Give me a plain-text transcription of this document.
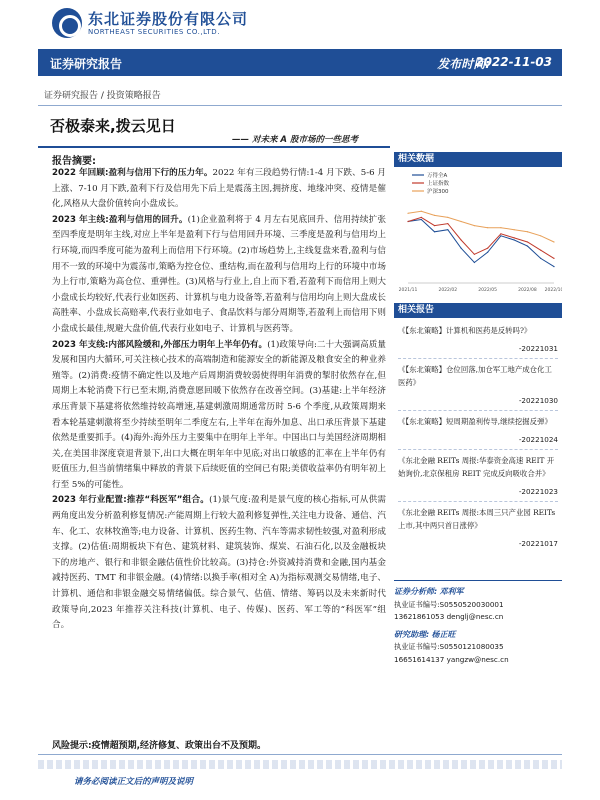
东北证券股份有限公司
NORTHEAST SECURITIES CO.,LTD.
证券研究报告	发布时间:
2022-11-03
证券研究报告 / 投资策略报告
否极泰来,拨云见日
—— 对未来 A 股市场的一些思考
报告摘要:

2022 年回顾:盈利与信用下行的压力年。2022 年有三段趋势行情:1-4 月下跌、5-6 月上涨、7-10 月下跌,盈利下行及信用先下后上是震荡主因,拥挤度、地缘冲突、疫情是催化,风格从大盘价值转向小盘成长。

2023 年主线:盈利与信用的回升。(1)企业盈利将于 4 月左右见底回升、信用持续扩张至四季度是明年主线,对应上半年是盈利下行与信用回升环境、三季度是盈利与信用均上行环境,而四季度可能为盈利上而信用下行环境。(2)市场趋势上,主线复盘来看,盈利与信用不一致的环境中为震荡市,策略为控仓位、重结构,而在盈利与信用均上行的环境中市场为上行市,策略为高仓位、重弹性。(3)风格与行业上,自上而下看,若盈利下而信用上则大小盘成长均较好,代表行业如医药、计算机与电力设备等,若盈利与信用均向上则大盘成长高胜率、小盘成长高赔率,代表行业如电子、食品饮料与部分周期等,若盈利上而信用下则小盘成长最佳,规避大盘价值,代表行业如电子、计算机与医药等。

2023 年支线:内部风险缓和,外部压力明年上半年仍有。(1)政策导向:二十大强调高质量发展和国内大循环,可关注核心技术的高端制造和能源安全的新能源及粮食安全的种业养殖等。(2)消费:疫情不确定性以及地产后周期消费较弱使得明年消费的掣肘依然存在,但周期上本轮消费下行已至末期,消费意愿回暖下依然存在改善空间。(3)基建:上半年经济承压背景下基建将依然维持较高增速,基建刺激周期通常历时 5-6 个季度,从政策周期来看本轮基建刺激将至少持续至明年二季度左右,上半年在海外加息、出口承压背景下基建依然是重要抓手。(4)海外:海外压力主要集中在明年上半年。中国出口与美国经济周期相关,在美国非深度衰退背景下,出口大概在明年年中见底;对出口敏感的汇率在上半年仍有贬值压力,但当前情绪集中释放的背景下后续贬值的空间已有限;美债收益率仍有明年初上行至 5%的可能性。

2023 年行业配置:推荐“科医军”组合。(1)景气度:盈利是景气度的核心指标,可从供需两角度出发分析盈利修复情况:产能周期上行较大盈利修复弹性,关注电力设备、通信、汽车、化工、农林牧渔等;电力设备、计算机、医药生物、汽车等需求韧性较强,对盈利形成支撑。(2)估值:周期板块下有色、建筑材料、建筑装饰、煤炭、石油石化,以及金融板块下的房地产、银行和非银金融估值性价比较高。(3)持仓:外资减持消费和金融,国内基金减持医药、TMT 和非银金融。(4)情绪:以换手率(相对全 A)为指标观测交易情绪,电子、计算机、通信和非银金融交易情绪偏低。综合景气、估值、情绪、筹码以及未来新时代政策导向,2023 年推荐关注科技(计算机、电子、传媒)、医药、军工等的“科医军”组合。

风险提示:疫情超预期,经济修复、政策出台不及预期。
请务必阅读正文后的声明及说明
相关数据
万得全A
上证指数
沪深300
2021/11	2022/02	2022/05	2022/08 2022/10
相关报告
《【东北策略】计算机和医药是反转吗?》
-20221031
《【东北策略】仓位回落,加仓军工地产成仓化工医药》
-20221030
《【东北策略】短周期盈利传导,继续挖掘反弹》
-20221024
《东北金融 REITs 周报:华泰资金高速 REIT 开始询价,北京保租房 REIT 完成反向吸收合并》
-20221023
《东北金融 REITs 周报:本周三只产业园 REITs 上市,其中两只首日涨停》
-20221017
证券分析师: 邓利军
执业证书编号:S0550520030001
13621861053 denglj@nesc.cn
研究助理: 杨正旺
执业证书编号:S0550121080035
16651614137 yangzw@nesc.cn
